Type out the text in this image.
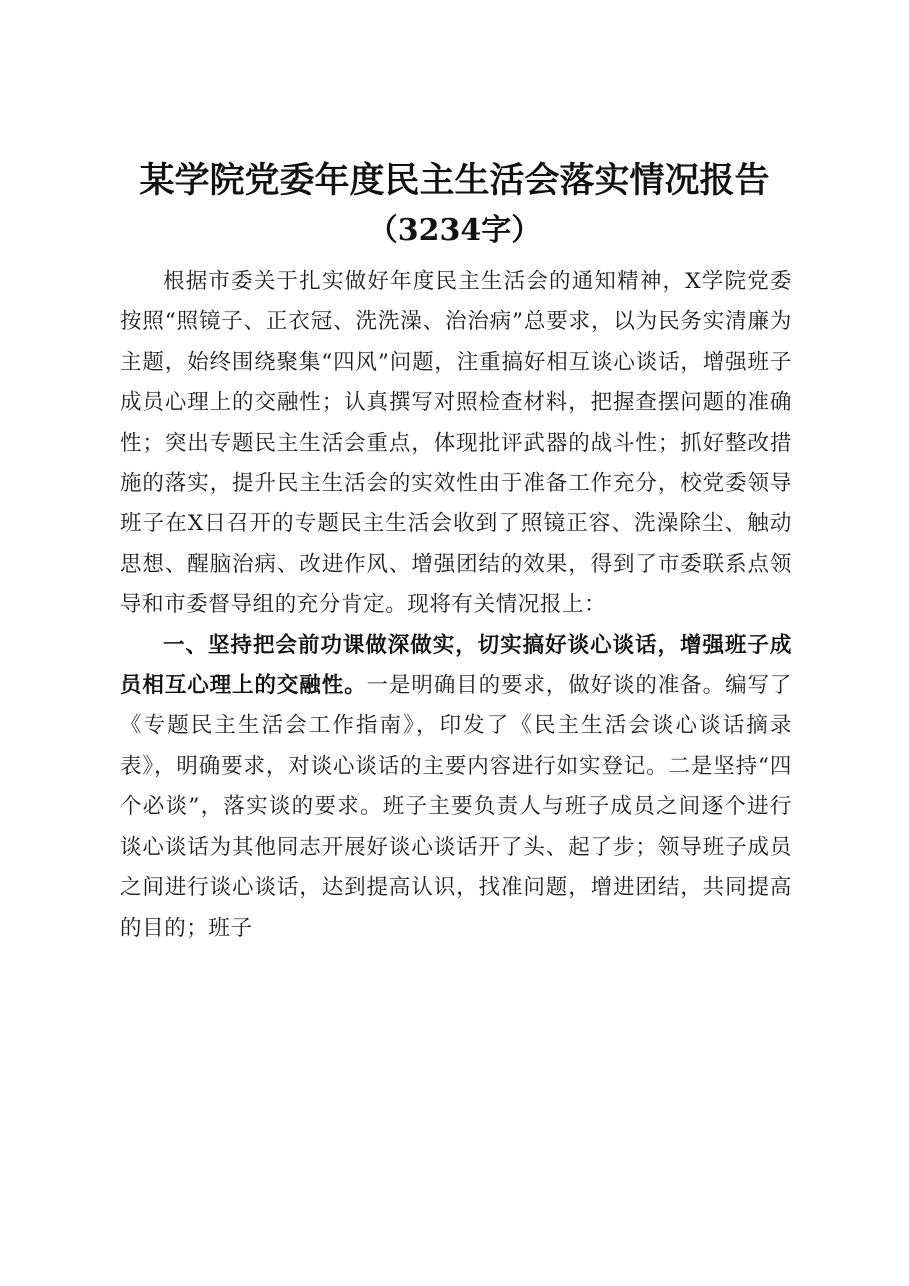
某学院党委年度民主生活会落实情况报告
（3234字）

根据市委关于扎实做好年度民主生活会的通知精神，X学院党委按照“照镜子、正衣冠、洗洗澡、治治病”总要求，以为民务实清廉为主题，始终围绕聚集“四风”问题，注重搞好相互谈心谈话，增强班子成员心理上的交融性；认真撰写对照检查材料，把握查摆问题的准确性；突出专题民主生活会重点，体现批评武器的战斗性；抓好整改措施的落实，提升民主生活会的实效性由于准备工作充分，校党委领导班子在X日召开的专题民主生活会收到了照镜正容、洗澡除尘、触动思想、醒脑治病、改进作风、增强团结的效果，得到了市委联系点领导和市委督导组的充分肯定。现将有关情况报上：

一、坚持把会前功课做深做实，切实搞好谈心谈话，增强班子成员相互心理上的交融性。一是明确目的要求，做好谈的准备。编写了《专题民主生活会工作指南》，印发了《民主生活会谈心谈话摘录表》，明确要求，对谈心谈话的主要内容进行如实登记。二是坚持“四个必谈”，落实谈的要求。班子主要负责人与班子成员之间逐个进行谈心谈话为其他同志开展好谈心谈话开了头、起了步；领导班子成员之间进行谈心谈话，达到提高认识，找准问题，增进团结，共同提高的目的；班子
